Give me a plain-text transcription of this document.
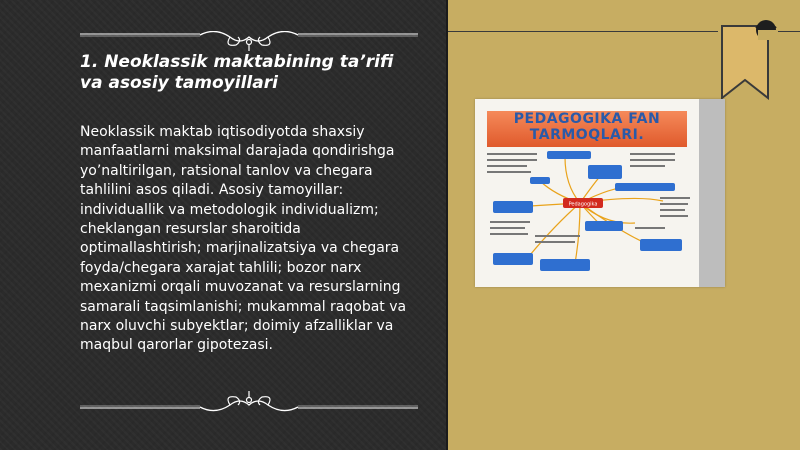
1. Neoklassik maktabining ta’rifi va asosiy tamoyillari

Neoklassik maktab iqtisodiyotda shaxsiy manfaatlarni maksimal darajada qondirishga yo’naltirilgan, ratsional tanlov va chegara tahlilini asos qiladi. Asosiy tamoyillar: individuallik va metodologik individualizm; cheklangan resurslar sharoitida optimallashtirish; marjinalizatsiya va chegara foyda/chegara xarajat tahlili; bozor narx mexanizmi orqali muvozanat va resurslarning samarali taqsimlanishi; mukammal raqobat va narx oluvchi subyektlar; doimiy afzalliklar va maqbul qarorlar gipotezasi.

PEDAGOGIKA FAN
TARMOQLARI.
Pedagogika
